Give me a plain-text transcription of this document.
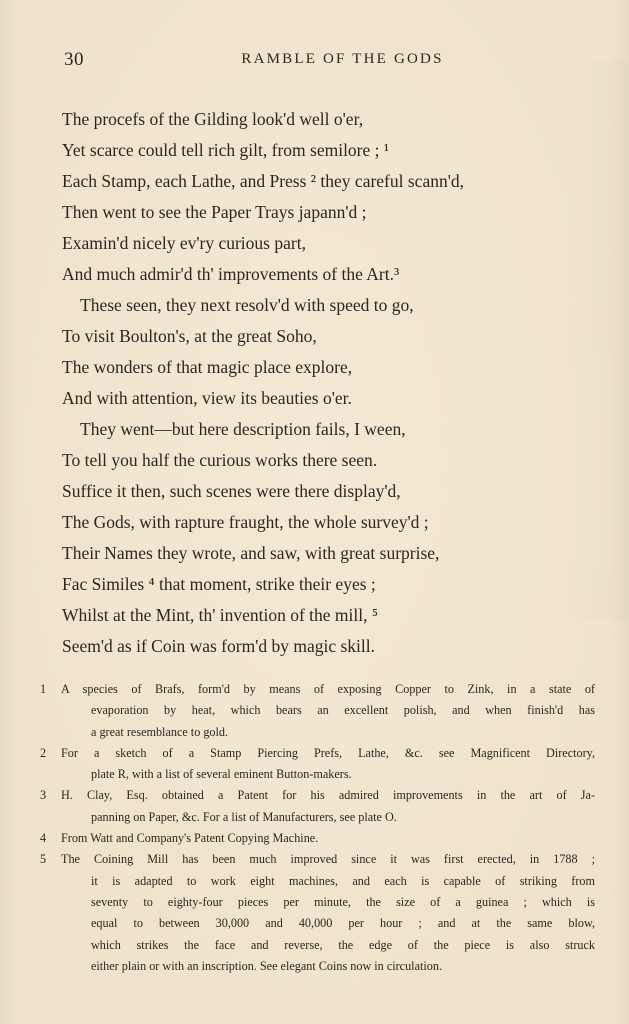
30	RAMBLE OF THE GODS
The procefs of the Gilding look'd well o'er,
Yet scarce could tell rich gilt, from semilore ; ¹
Each Stamp, each Lathe, and Press ² they careful scann'd,
Then went to see the Paper Trays japann'd ;
Examin'd nicely ev'ry curious part,
And much admir'd th' improvements of the Art.³
These seen, they next resolv'd with speed to go,
To visit Boulton's, at the great Soho,
The wonders of that magic place explore,
And with attention, view its beauties o'er.
They went—but here description fails, I ween,
To tell you half the curious works there seen.
Suffice it then, such scenes were there display'd,
The Gods, with rapture fraught, the whole survey'd ;
Their Names they wrote, and saw, with great surprise,
Fac Similes ⁴ that moment, strike their eyes ;
Whilst at the Mint, th' invention of the mill, ⁵
Seem'd as if Coin was form'd by magic skill.
1	A species of Brafs, form'd by means of exposing Copper to Zink, in a state of
evaporation by heat, which bears an excellent polish, and when finish'd has
a great resemblance to gold.
2	For a sketch of a Stamp Piercing Prefs, Lathe, &c. see Magnificent Directory,
plate R, with a list of several eminent Button-makers.
3	H. Clay, Esq. obtained a Patent for his admired improvements in the art of Ja-
panning on Paper, &c. For a list of Manufacturers, see plate O.
4	From Watt and Company's Patent Copying Machine.
5	The Coining Mill has been much improved since it was first erected, in 1788 ;
it is adapted to work eight machines, and each is capable of striking from
seventy to eighty-four pieces per minute, the size of a guinea ; which is
equal to between 30,000 and 40,000 per hour ; and at the same blow,
which strikes the face and reverse, the edge of the piece is also struck
either plain or with an inscription. See elegant Coins now in circulation.
